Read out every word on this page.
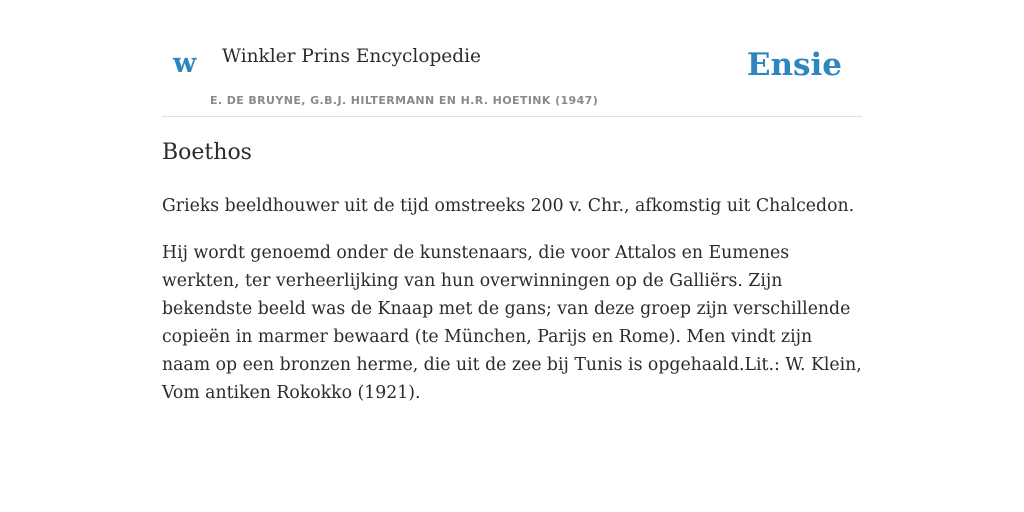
w Winkler Prins Encyclopedie
E. DE BRUYNE, G.B.J. HILTERMANN EN H.R. HOETINK (1947)
Ensie
Boethos

Grieks beeldhouwer uit de tijd omstreeks 200 v. Chr., afkomstig uit Chalcedon.

Hij wordt genoemd onder de kunstenaars, die voor Attalos en Eumenes werkten, ter verheerlijking van hun overwinningen op de Galliërs. Zijn bekendste beeld was de Knaap met de gans; van deze groep zijn verschillende copieën in marmer bewaard (te München, Parijs en Rome). Men vindt zijn naam op een bronzen herme, die uit de zee bij Tunis is opgehaald.Lit.: W. Klein, Vom antiken Rokokko (1921).
